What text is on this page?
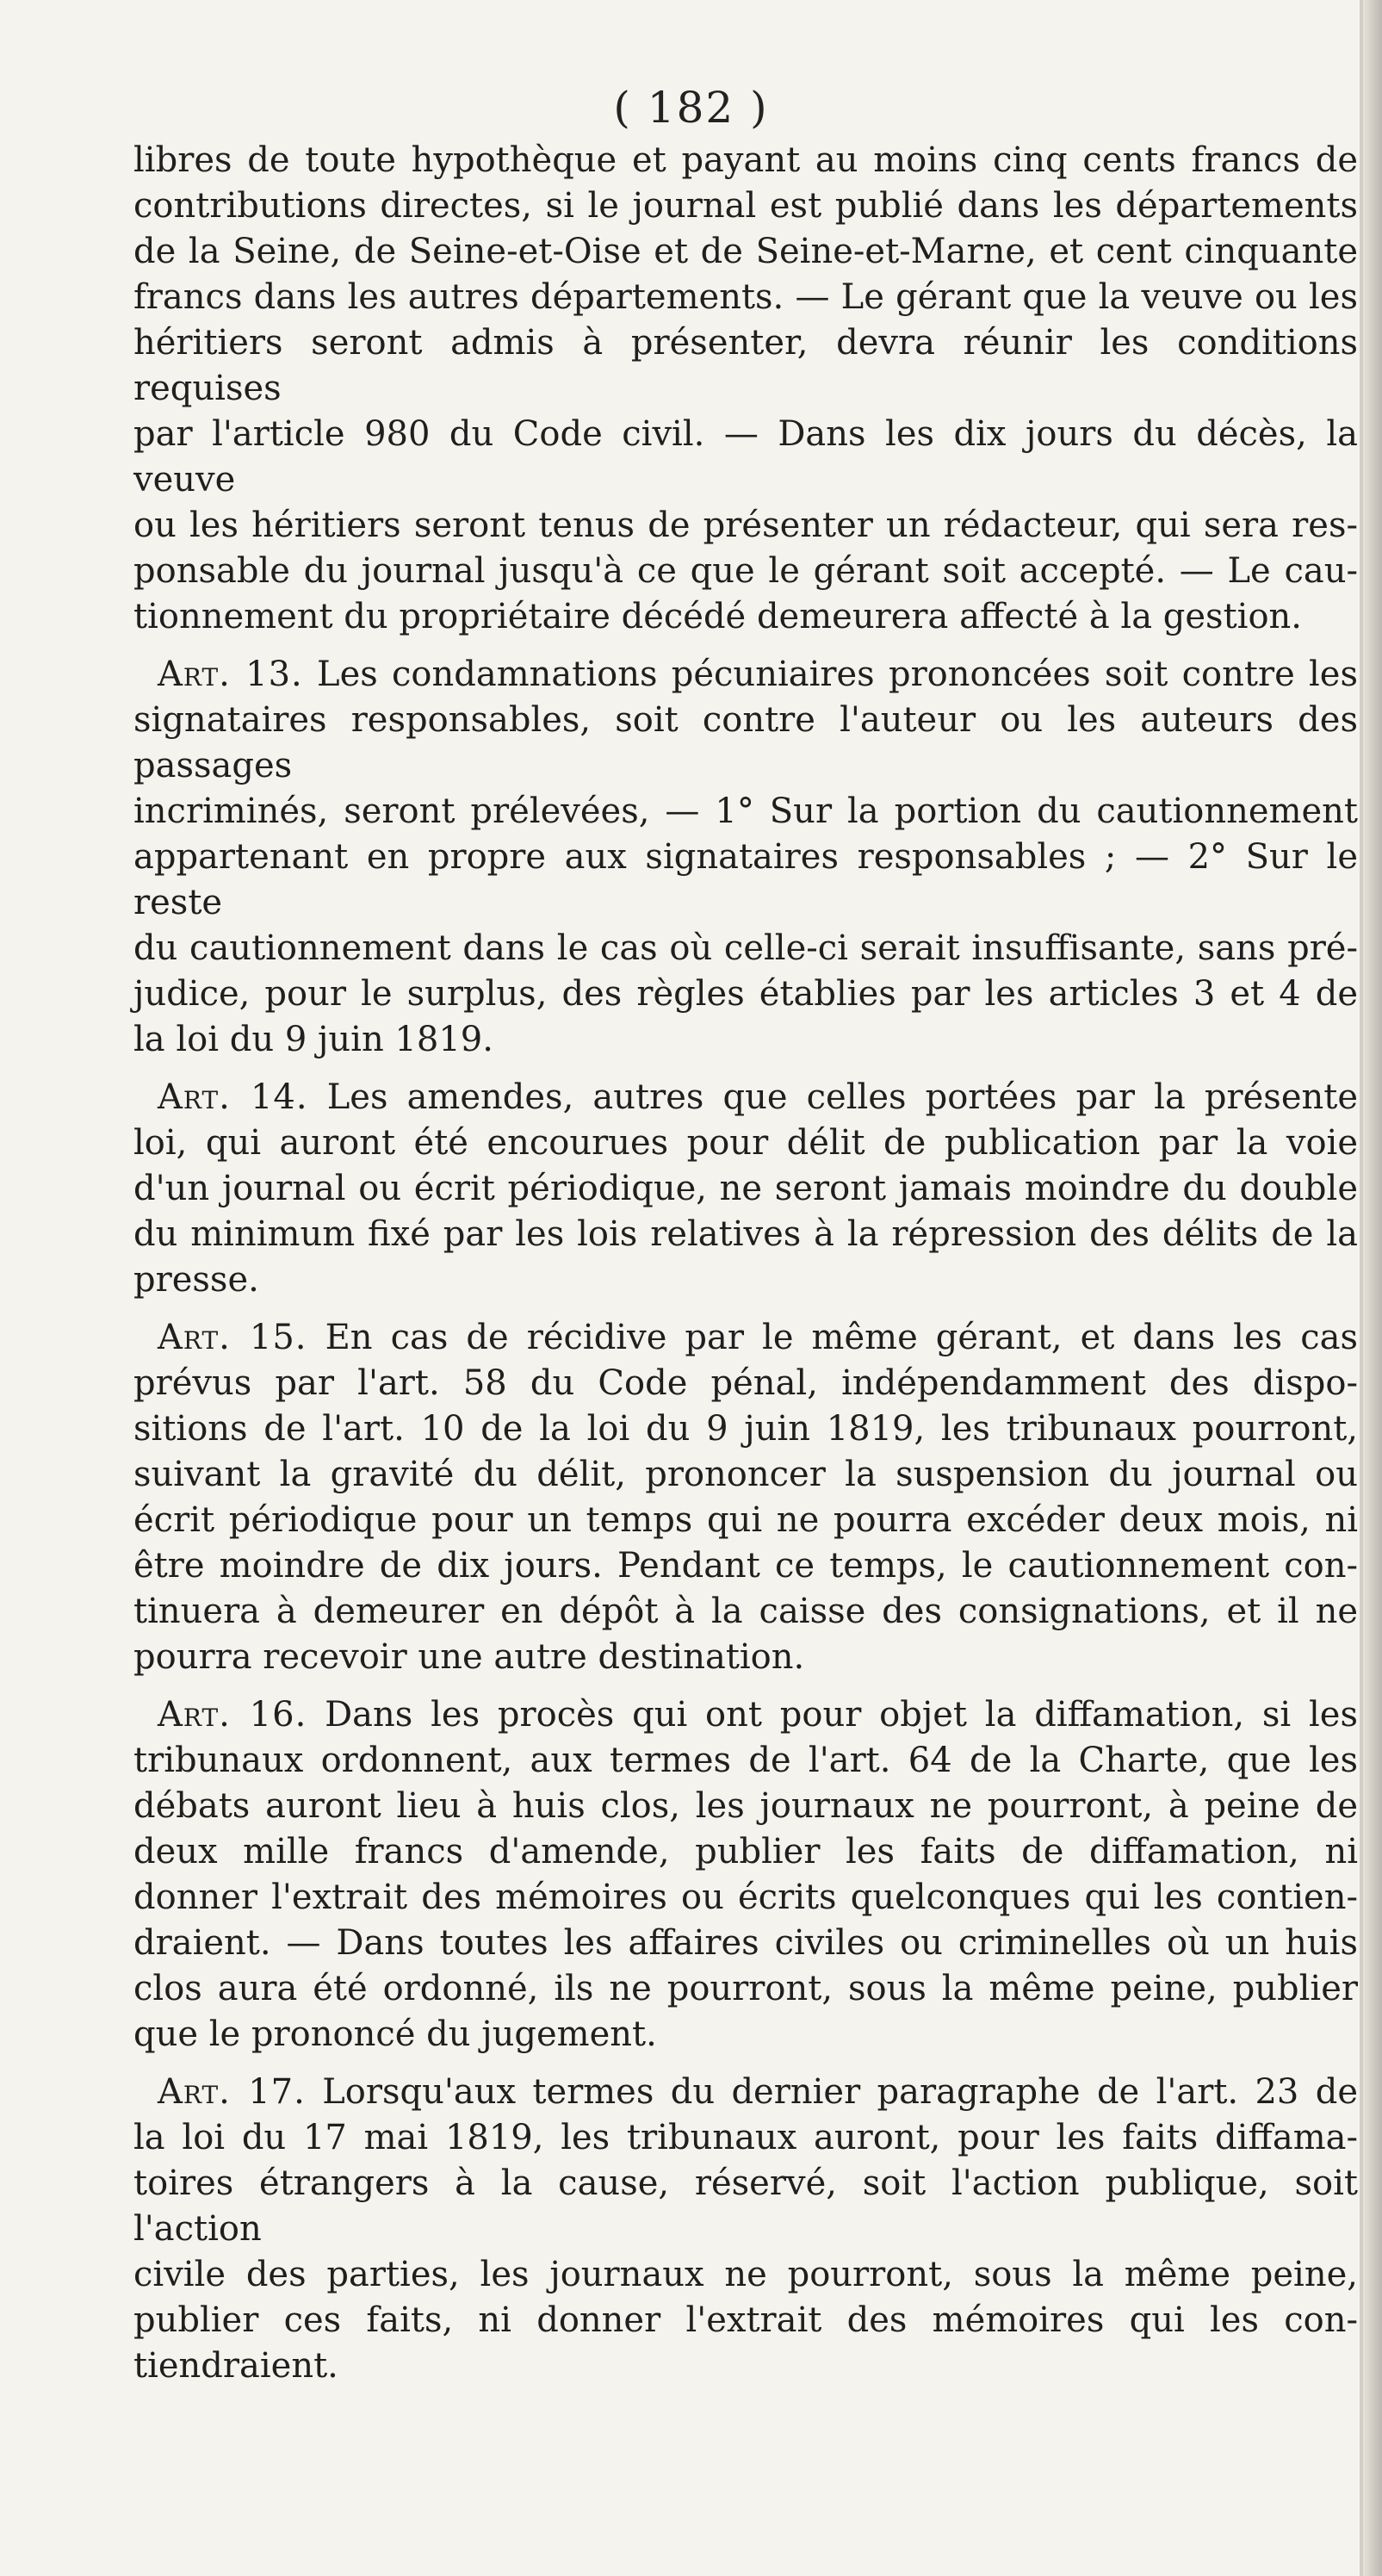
( 182 )

libres de toute hypothèque et payant au moins cinq cents francs de

contributions directes, si le journal est publié dans les départements

de la Seine, de Seine-et-Oise et de Seine-et-Marne, et cent cinquante

francs dans les autres départements. — Le gérant que la veuve ou les

héritiers seront admis à présenter, devra réunir les conditions requises

par l'article 980 du Code civil. — Dans les dix jours du décès, la veuve

ou les héritiers seront tenus de présenter un rédacteur, qui sera res-

ponsable du journal jusqu'à ce que le gérant soit accepté. — Le cau-

tionnement du propriétaire décédé demeurera affecté à la gestion.

Art. 13. Les condamnations pécuniaires prononcées soit contre les

signataires responsables, soit contre l'auteur ou les auteurs des passages

incriminés, seront prélevées, — 1° Sur la portion du cautionnement

appartenant en propre aux signataires responsables ; — 2° Sur le reste

du cautionnement dans le cas où celle-ci serait insuffisante, sans pré-

judice, pour le surplus, des règles établies par les articles 3 et 4 de

la loi du 9 juin 1819.

Art. 14. Les amendes, autres que celles portées par la présente

loi, qui auront été encourues pour délit de publication par la voie

d'un journal ou écrit périodique, ne seront jamais moindre du double

du minimum fixé par les lois relatives à la répression des délits de la

presse.

Art. 15. En cas de récidive par le même gérant, et dans les cas

prévus par l'art. 58 du Code pénal, indépendamment des dispo-

sitions de l'art. 10 de la loi du 9 juin 1819, les tribunaux pourront,

suivant la gravité du délit, prononcer la suspension du journal ou

écrit périodique pour un temps qui ne pourra excéder deux mois, ni

être moindre de dix jours. Pendant ce temps, le cautionnement con-

tinuera à demeurer en dépôt à la caisse des consignations, et il ne

pourra recevoir une autre destination.

Art. 16. Dans les procès qui ont pour objet la diffamation, si les

tribunaux ordonnent, aux termes de l'art. 64 de la Charte, que les

débats auront lieu à huis clos, les journaux ne pourront, à peine de

deux mille francs d'amende, publier les faits de diffamation, ni

donner l'extrait des mémoires ou écrits quelconques qui les contien-

draient. — Dans toutes les affaires civiles ou criminelles où un huis

clos aura été ordonné, ils ne pourront, sous la même peine, publier

que le prononcé du jugement.

Art. 17. Lorsqu'aux termes du dernier paragraphe de l'art. 23 de

la loi du 17 mai 1819, les tribunaux auront, pour les faits diffama-

toires étrangers à la cause, réservé, soit l'action publique, soit l'action

civile des parties, les journaux ne pourront, sous la même peine,

publier ces faits, ni donner l'extrait des mémoires qui les con-

tiendraient.
